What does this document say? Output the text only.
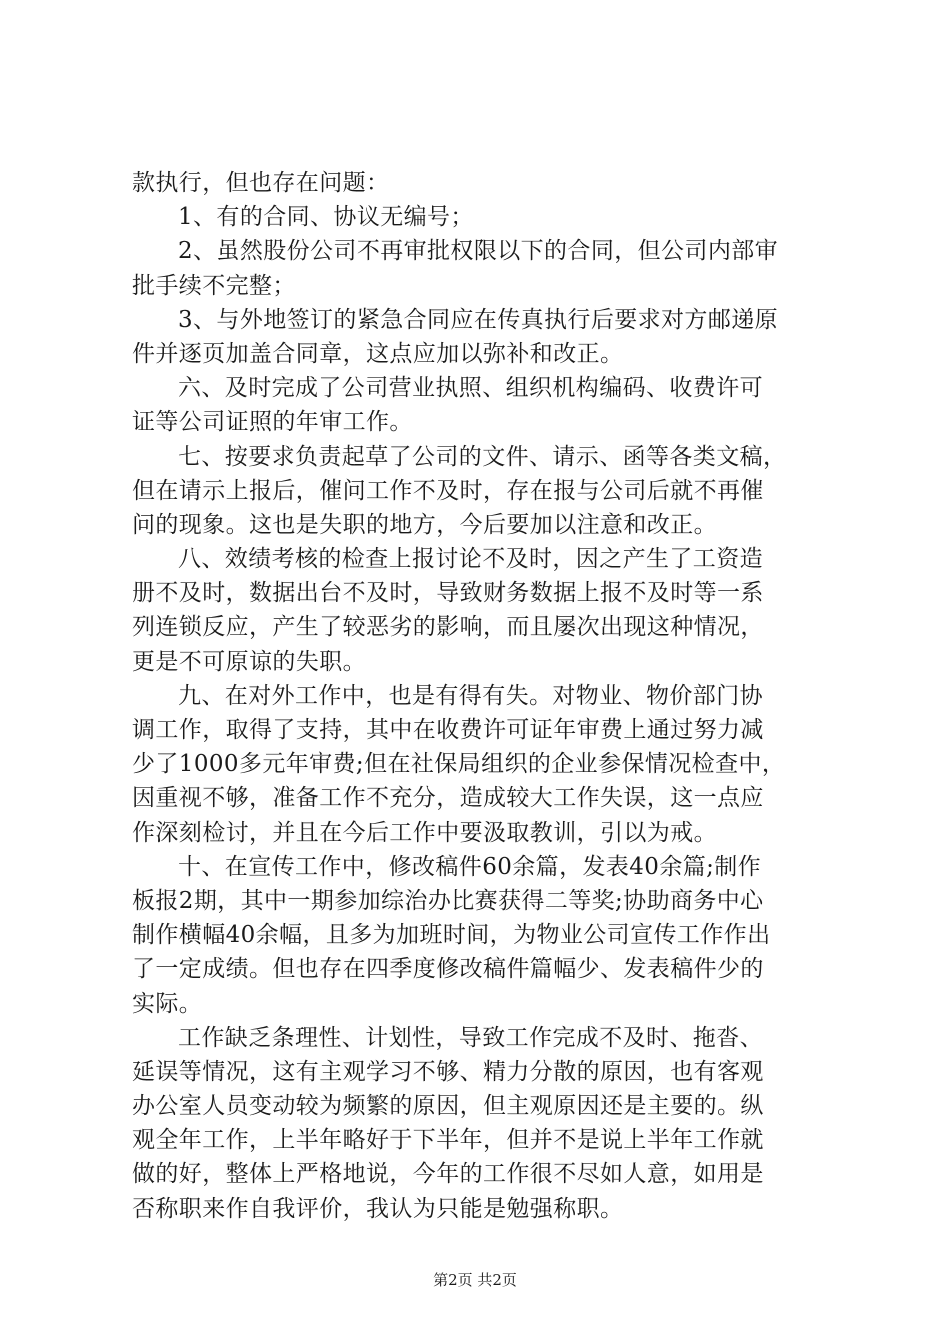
款执行，但也存在问题：
1、有的合同、协议无编号；
2、虽然股份公司不再审批权限以下的合同，但公司内部审
批手续不完整；
3、与外地签订的紧急合同应在传真执行后要求对方邮递原
件并逐页加盖合同章，这点应加以弥补和改正。
六、及时完成了公司营业执照、组织机构编码、收费许可
证等公司证照的年审工作。
七、按要求负责起草了公司的文件、请示、函等各类文稿，
但在请示上报后，催问工作不及时，存在报与公司后就不再催
问的现象。这也是失职的地方，今后要加以注意和改正。
八、效绩考核的检查上报讨论不及时，因之产生了工资造
册不及时，数据出台不及时，导致财务数据上报不及时等一系
列连锁反应，产生了较恶劣的影响，而且屡次出现这种情况，
更是不可原谅的失职。
九、在对外工作中，也是有得有失。对物业、物价部门协
调工作，取得了支持，其中在收费许可证年审费上通过努力减
少了1000多元年审费;但在社保局组织的企业参保情况检查中，
因重视不够，准备工作不充分，造成较大工作失误，这一点应
作深刻检讨，并且在今后工作中要汲取教训，引以为戒。
十、在宣传工作中，修改稿件60余篇，发表40余篇;制作
板报2期，其中一期参加综治办比赛获得二等奖;协助商务中心
制作横幅40余幅，且多为加班时间，为物业公司宣传工作作出
了一定成绩。但也存在四季度修改稿件篇幅少、发表稿件少的
实际。
工作缺乏条理性、计划性，导致工作完成不及时、拖沓、
延误等情况，这有主观学习不够、精力分散的原因，也有客观
办公室人员变动较为频繁的原因，但主观原因还是主要的。纵
观全年工作，上半年略好于下半年，但并不是说上半年工作就
做的好，整体上严格地说，今年的工作很不尽如人意，如用是
否称职来作自我评价，我认为只能是勉强称职。
第2页 共2页
